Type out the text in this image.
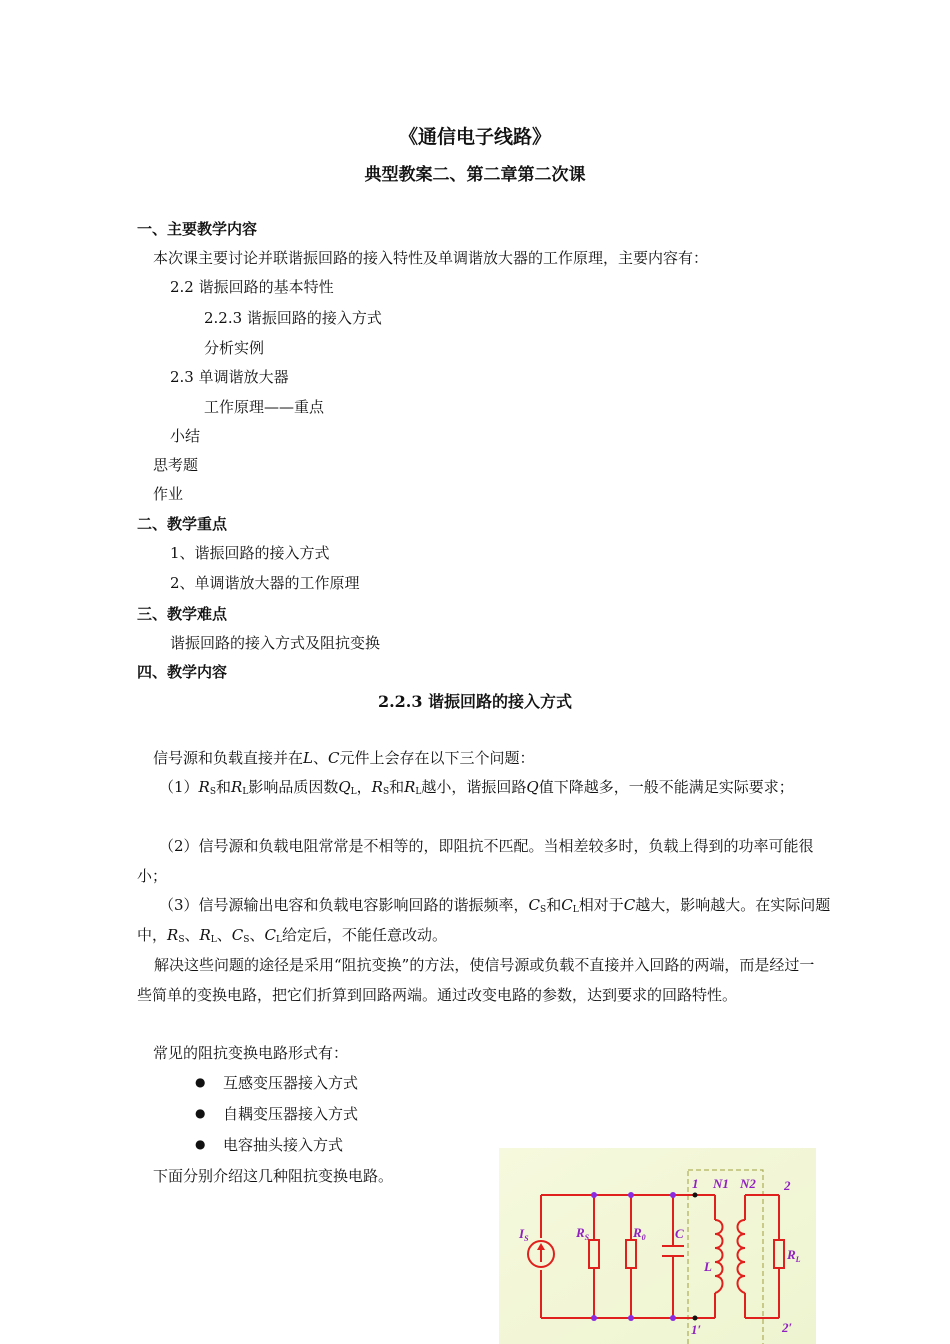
《通信电子线路》
典型教案二、第二章第二次课
一、主要教学内容
本次课主要讨论并联谐振回路的接入特性及单调谐放大器的工作原理，主要内容有：
2.2 谐振回路的基本特性
2.2.3 谐振回路的接入方式
分析实例
2.3 单调谐放大器
工作原理——重点
小结
思考题
作业
二、教学重点
1、谐振回路的接入方式
2、单调谐放大器的工作原理
三、教学难点
谐振回路的接入方式及阻抗变换
四、教学内容
2.2.3 谐振回路的接入方式
信号源和负载直接并在L、C元件上会存在以下三个问题：
$(1)R_S$和$R_L$影响品质因数$Q_L$，$R_S$和$R_L$越小，谐振回路Q值下降越多，一般不能满足实际要求；
（2）信号源和负载电阻常常是不相等的，即阻抗不匹配。当相差较多时，负载上得到的功率可能很小；
（3）信号源输出电容和负载电容影响回路的谐振频率，$C_S$和$C_L$相对于C越大，影响越大。在实际问题中，$R_S$、$R_L$、$C_S$、$C_L$给定后，不能任意改动。
解决这些问题的途径是采用“阻抗变换”的方法，使信号源或负载不直接并入回路的两端，而是经过一些简单的变换电路，把它们折算到回路两端。通过改变电路的参数，达到要求的回路特性。
常见的阻抗变换电路形式有：
● 互感变压器接入方式
● 自耦变压器接入方式
● 电容抽头接入方式
下面分别介绍这几种阻抗变换电路。
$I_S$	$R_S$	$R_0$ C
L
1 N1 N2 2
$R_L$
1′	2′
